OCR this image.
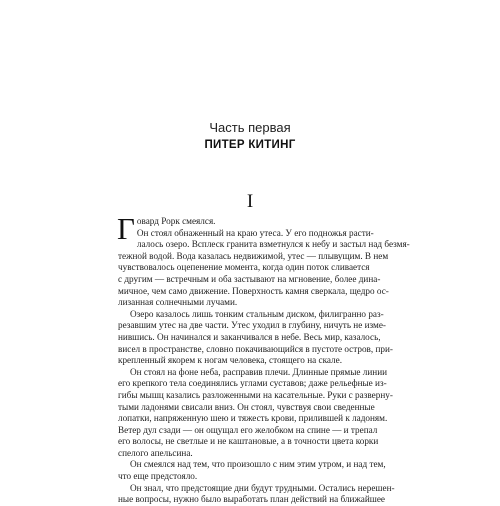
Часть первая
ПИТЕР КИТИНГ
I
Г овард Рорк смеялся.
Он стоял обнаженный на краю утеса. У его подножья расти-
лалось озеро. Всплеск гранита взметнулся к небу и застыл над безмя-
тежной водой. Вода казалась недвижимой, утес — плывущим. В нем
чувствовалось оцепенение момента, когда один поток сливается
с другим — встречным и оба застывают на мгновение, более дина-
мичное, чем само движение. Поверхность камня сверкала, щедро ос-
лизанная солнечными лучами.
Озеро казалось лишь тонким стальным диском, филигранно раз-
резавшим утес на две части. Утес уходил в глубину, ничуть не изме-
нившись. Он начинался и заканчивался в небе. Весь мир, казалось,
висел в пространстве, словно покачивающийся в пустоте остров, при-
крепленный якорем к ногам человека, стоящего на скале.
Он стоял на фоне неба, расправив плечи. Длинные прямые линии
его крепкого тела соединялись углами суставов; даже рельефные из-
гибы мышц казались разложенными на касательные. Руки с разверну-
тыми ладонями свисали вниз. Он стоял, чувствуя свои сведенные
лопатки, напряженную шею и тяжесть крови, прилившей к ладоням.
Ветер дул сзади — он ощущал его желобком на спине — и трепал
его волосы, не светлые и не каштановые, а в точности цвета корки
спелого апельсина.
Он смеялся над тем, что произошло с ним этим утром, и над тем,
что еще предстояло.
Он знал, что предстоящие дни будут трудными. Остались нерешен-
ные вопросы, нужно было выработать план действий на ближайшее
